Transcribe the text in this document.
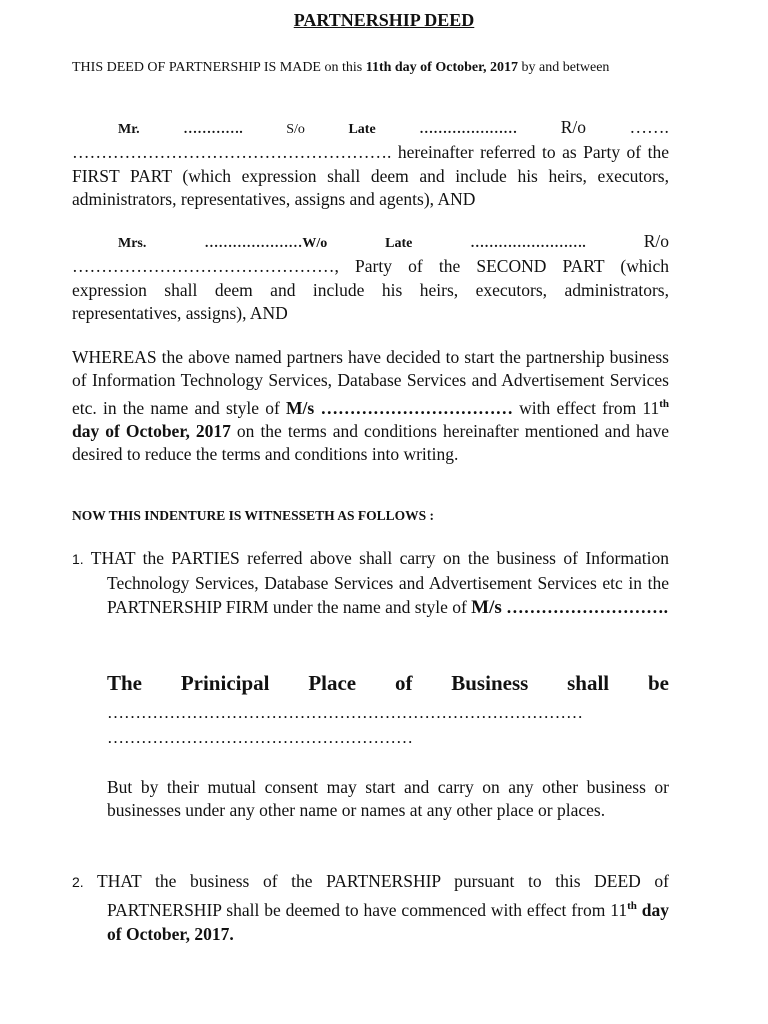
PARTNERSHIP DEED
THIS DEED OF PARTNERSHIP IS MADE on this 11th day of October, 2017 by and between
Mr.	………….	S/o	Late	………………… R/o …….
………………………………………………. hereinafter referred to as Party of the FIRST PART (which expression shall deem and include his heirs, executors, administrators, representatives, assigns and agents), AND
Mrs.	…………………W/o	Late	…………………….	R/o
………………………………………, Party of the SECOND PART (which expression shall deem and include his heirs, executors, administrators, representatives, assigns), AND
WHEREAS the above named partners have decided to start the partnership business of Information Technology Services, Database Services and Advertisement Services etc. in the name and style of M/s …………………………… with effect from 11th day of October, 2017 on the terms and conditions hereinafter mentioned and have desired to reduce the terms and conditions into writing.
NOW THIS INDENTURE IS WITNESSETH AS FOLLOWS :
1. THAT the PARTIES referred above shall carry on the business of Information Technology Services, Database Services and Advertisement Services etc in the PARTNERSHIP FIRM under the name and style of M/s ……………………….
The Prinicipal Place of Business shall be
…………………………………………………………………………
………………………………………………
But by their mutual consent may start and carry on any other business or businesses under any other name or names at any other place or places.
2. THAT the business of the PARTNERSHIP pursuant to this DEED of PARTNERSHIP shall be deemed to have commenced with effect from 11th day of October, 2017.
